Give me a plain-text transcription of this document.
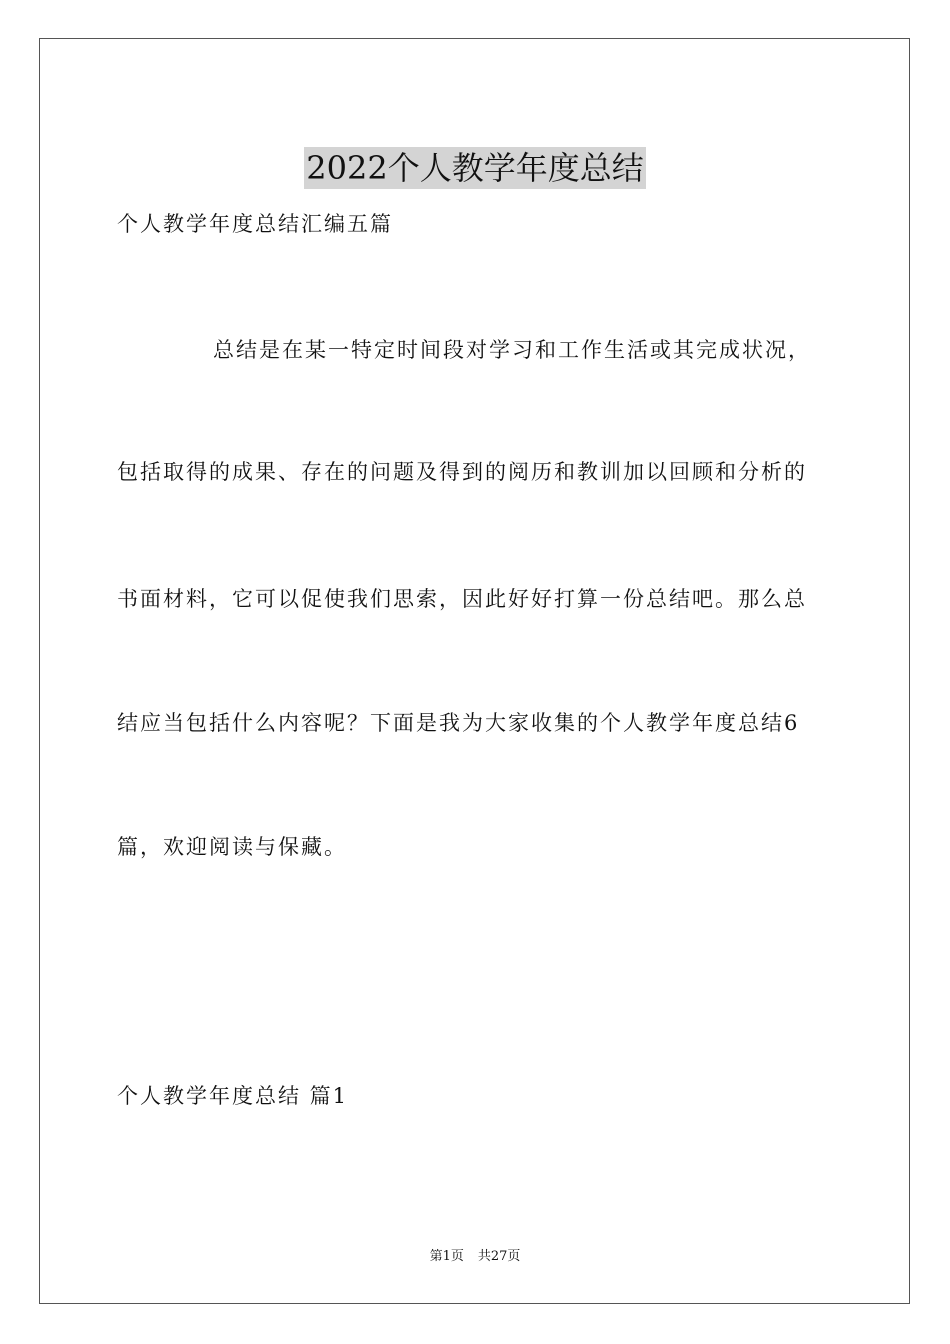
2022个人教学年度总结
个人教学年度总结汇编五篇
总结是在某一特定时间段对学习和工作生活或其完成状况，
包括取得的成果、存在的问题及得到的阅历和教训加以回顾和分析的
书面材料，它可以促使我们思索，因此好好打算一份总结吧。那么总
结应当包括什么内容呢？下面是我为大家收集的个人教学年度总结6
篇，欢迎阅读与保藏。
个人教学年度总结 篇1
第1页 共27页
